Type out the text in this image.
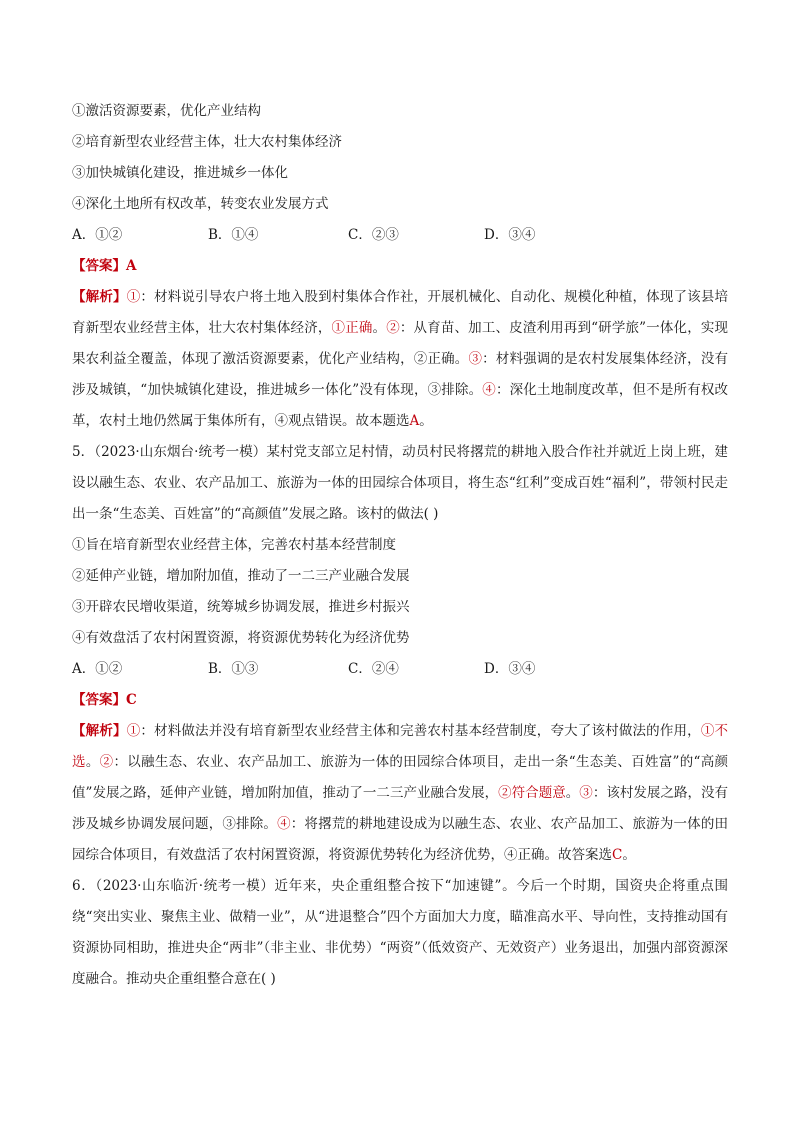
①激活资源要素，优化产业结构
②培育新型农业经营主体，壮大农村集体经济
③加快城镇化建设，推进城乡一体化
④深化土地所有权改革，转变农业发展方式
A．①②	B．①④	C．②③	D．③④
【答案】A
【解析】①：材料说引导农户将土地入股到村集体合作社，开展机械化、自动化、规模化种植，体现了该县培育新型农业经营主体，壮大农村集体经济，①正确。②：从育苗、加工、皮渣利用再到“研学旅”一体化，实现果农利益全覆盖，体现了激活资源要素，优化产业结构，②正确。③：材料强调的是农村发展集体经济，没有涉及城镇，“加快城镇化建设，推进城乡一体化”没有体现，③排除。④：深化土地制度改革，但不是所有权改革，农村土地仍然属于集体所有，④观点错误。故本题选A。
5．（2023·山东烟台·统考一模）某村党支部立足村情，动员村民将撂荒的耕地入股合作社并就近上岗上班，建设以融生态、农业、农产品加工、旅游为一体的田园综合体项目，将生态“红利”变成百姓“福利”，带领村民走出一条“生态美、百姓富”的“高颜值”发展之路。该村的做法( )
①旨在培育新型农业经营主体，完善农村基本经营制度
②延伸产业链，增加附加值，推动了一二三产业融合发展
③开辟农民增收渠道，统筹城乡协调发展，推进乡村振兴
④有效盘活了农村闲置资源，将资源优势转化为经济优势
A．①②	B．①③	C．②④	D．③④
【答案】C
【解析】①：材料做法并没有培育新型农业经营主体和完善农村基本经营制度，夸大了该村做法的作用，①不选。②：以融生态、农业、农产品加工、旅游为一体的田园综合体项目，走出一条“生态美、百姓富”的“高颜值”发展之路，延伸产业链，增加附加值，推动了一二三产业融合发展，②符合题意。③：该村发展之路，没有涉及城乡协调发展问题，③排除。④：将撂荒的耕地建设成为以融生态、农业、农产品加工、旅游为一体的田园综合体项目，有效盘活了农村闲置资源，将资源优势转化为经济优势，④正确。故答案选C。
6．（2023·山东临沂·统考一模）近年来，央企重组整合按下“加速键”。今后一个时期，国资央企将重点围绕“突出实业、聚焦主业、做精一业”，从“进退整合”四个方面加大力度，瞄准高水平、导向性，支持推动国有资源协同相助，推进央企“两非”（非主业、非优势）“两资”（低效资产、无效资产）业务退出，加强内部资源深度融合。推动央企重组整合意在( )
